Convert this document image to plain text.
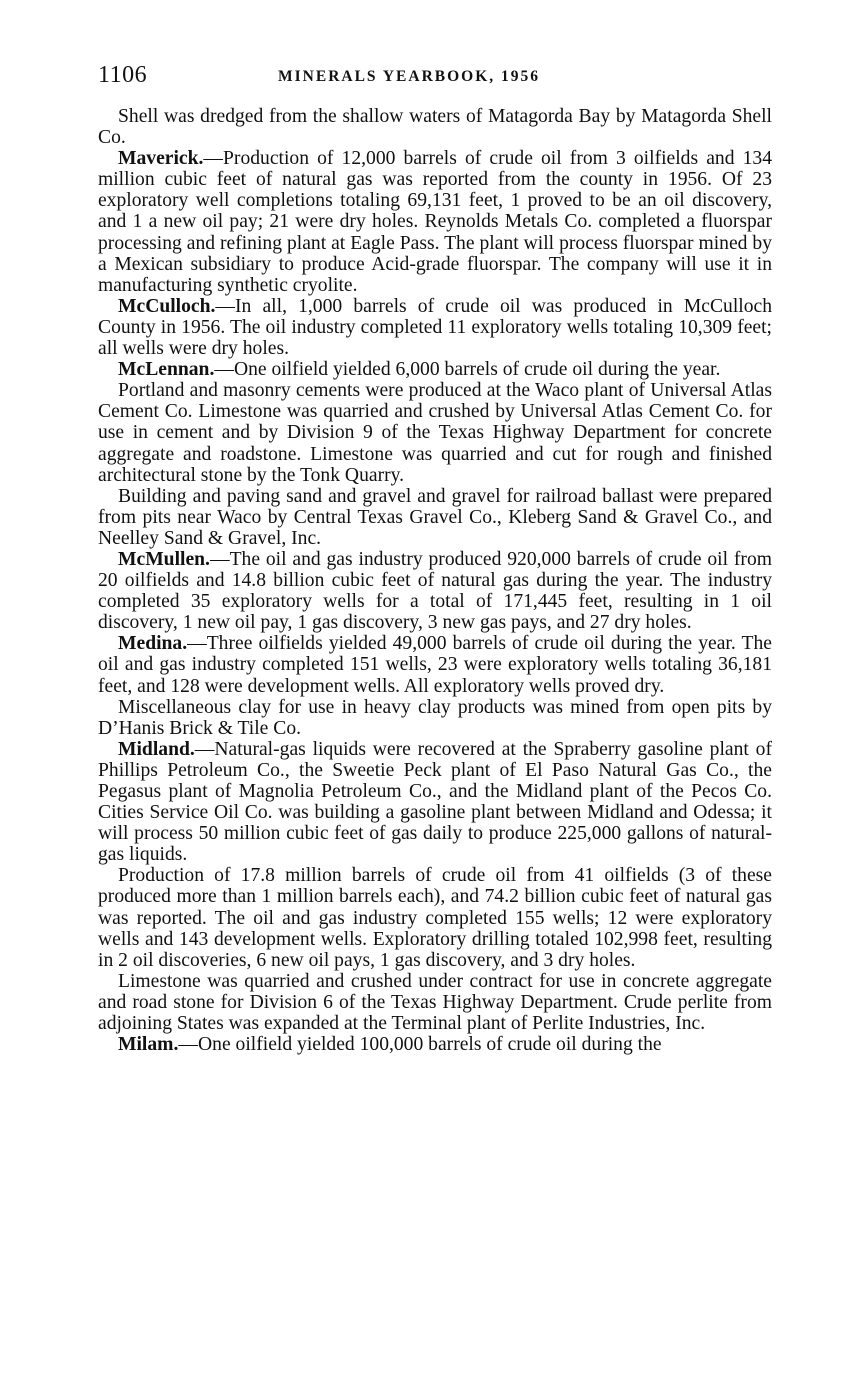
1106	MINERALS YEARBOOK, 1956

Shell was dredged from the shallow waters of Matagorda Bay by Matagorda Shell Co.

Maverick.—Production of 12,000 barrels of crude oil from 3 oilfields and 134 million cubic feet of natural gas was reported from the county in 1956. Of 23 exploratory well completions totaling 69,131 feet, 1 proved to be an oil discovery, and 1 a new oil pay; 21 were dry holes. Reynolds Metals Co. completed a fluorspar processing and refining plant at Eagle Pass. The plant will process fluorspar mined by a Mexican subsidiary to produce Acid-grade fluorspar. The company will use it in manufacturing synthetic cryolite.

McCulloch.—In all, 1,000 barrels of crude oil was produced in McCulloch County in 1956. The oil industry completed 11 exploratory wells totaling 10,309 feet; all wells were dry holes.

McLennan.—One oilfield yielded 6,000 barrels of crude oil during the year.

Portland and masonry cements were produced at the Waco plant of Universal Atlas Cement Co. Limestone was quarried and crushed by Universal Atlas Cement Co. for use in cement and by Division 9 of the Texas Highway Department for concrete aggregate and roadstone. Limestone was quarried and cut for rough and finished architectural stone by the Tonk Quarry.

Building and paving sand and gravel and gravel for railroad ballast were prepared from pits near Waco by Central Texas Gravel Co., Kleberg Sand & Gravel Co., and Neelley Sand & Gravel, Inc.

McMullen.—The oil and gas industry produced 920,000 barrels of crude oil from 20 oilfields and 14.8 billion cubic feet of natural gas during the year. The industry completed 35 exploratory wells for a total of 171,445 feet, resulting in 1 oil discovery, 1 new oil pay, 1 gas discovery, 3 new gas pays, and 27 dry holes.

Medina.—Three oilfields yielded 49,000 barrels of crude oil during the year. The oil and gas industry completed 151 wells, 23 were exploratory wells totaling 36,181 feet, and 128 were development wells. All exploratory wells proved dry.

Miscellaneous clay for use in heavy clay products was mined from open pits by D’Hanis Brick & Tile Co.

Midland.—Natural-gas liquids were recovered at the Spraberry gasoline plant of Phillips Petroleum Co., the Sweetie Peck plant of El Paso Natural Gas Co., the Pegasus plant of Magnolia Petroleum Co., and the Midland plant of the Pecos Co. Cities Service Oil Co. was building a gasoline plant between Midland and Odessa; it will process 50 million cubic feet of gas daily to produce 225,000 gallons of natural-gas liquids.

Production of 17.8 million barrels of crude oil from 41 oilfields (3 of these produced more than 1 million barrels each), and 74.2 billion cubic feet of natural gas was reported. The oil and gas industry completed 155 wells; 12 were exploratory wells and 143 development wells. Exploratory drilling totaled 102,998 feet, resulting in 2 oil discoveries, 6 new oil pays, 1 gas discovery, and 3 dry holes.

Limestone was quarried and crushed under contract for use in concrete aggregate and road stone for Division 6 of the Texas Highway Department. Crude perlite from adjoining States was expanded at the Terminal plant of Perlite Industries, Inc.

Milam.—One oilfield yielded 100,000 barrels of crude oil during the
